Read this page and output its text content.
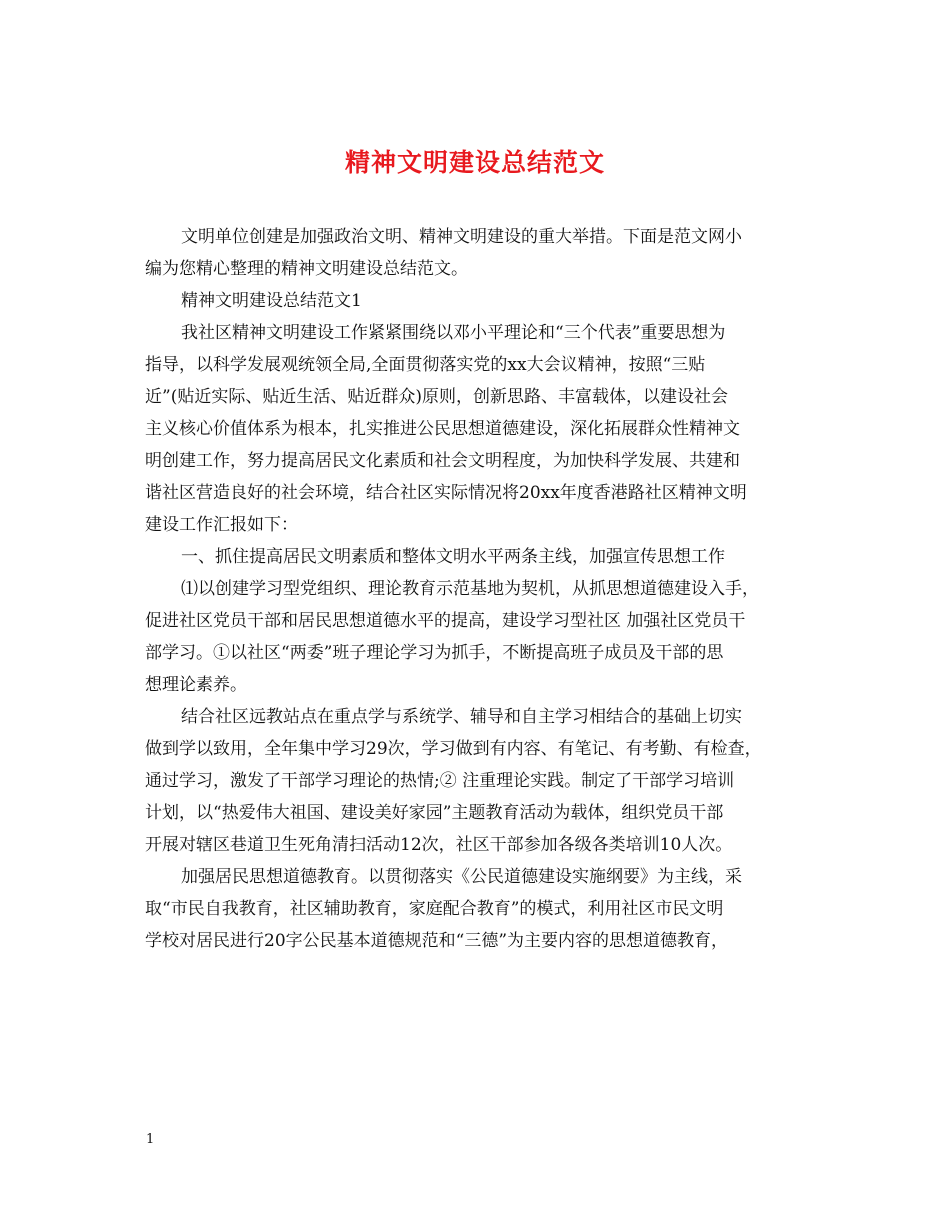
精神文明建设总结范文

文明单位创建是加强政治文明、精神文明建设的重大举措。下面是范文网小

编为您精心整理的精神文明建设总结范文。

精神文明建设总结范文1

我社区精神文明建设工作紧紧围绕以邓小平理论和“三个代表”重要思想为

指导，以科学发展观统领全局,全面贯彻落实党的xx大会议精神，按照“三贴

近”(贴近实际、贴近生活、贴近群众)原则，创新思路、丰富载体，以建设社会

主义核心价值体系为根本，扎实推进公民思想道德建设，深化拓展群众性精神文

明创建工作，努力提高居民文化素质和社会文明程度，为加快科学发展、共建和

谐社区营造良好的社会环境，结合社区实际情况将20xx年度香港路社区精神文明

建设工作汇报如下：

一、抓住提高居民文明素质和整体文明水平两条主线，加强宣传思想工作

⑴以创建学习型党组织、理论教育示范基地为契机，从抓思想道德建设入手，

促进社区党员干部和居民思想道德水平的提高，建设学习型社区 加强社区党员干

部学习。①以社区“两委”班子理论学习为抓手，不断提高班子成员及干部的思

想理论素养。

结合社区远教站点在重点学与系统学、辅导和自主学习相结合的基础上切实

做到学以致用，全年集中学习29次，学习做到有内容、有笔记、有考勤、有检查，

通过学习，激发了干部学习理论的热情;② 注重理论实践。制定了干部学习培训

计划，以“热爱伟大祖国、建设美好家园”主题教育活动为载体，组织党员干部

开展对辖区巷道卫生死角清扫活动12次，社区干部参加各级各类培训10人次。

加强居民思想道德教育。以贯彻落实《公民道德建设实施纲要》为主线，采

取“市民自我教育，社区辅助教育，家庭配合教育”的模式，利用社区市民文明

学校对居民进行20字公民基本道德规范和“三德”为主要内容的思想道德教育，

1
